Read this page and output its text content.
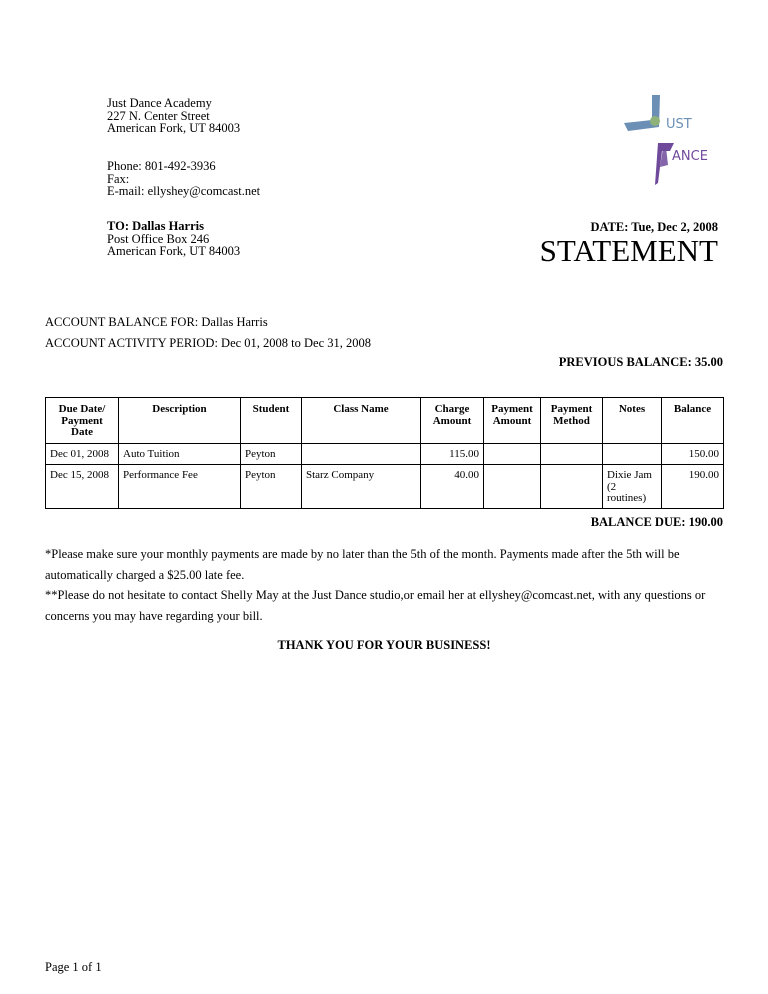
Just Dance Academy
227 N. Center Street
American Fork, UT 84003
Phone: 801-492-3936
Fax:
E-mail: ellyshey@comcast.net
UST
ANCE
TO: Dallas Harris
Post Office Box 246
American Fork, UT 84003
DATE: Tue, Dec 2, 2008
STATEMENT
ACCOUNT BALANCE FOR: Dallas Harris
ACCOUNT ACTIVITY PERIOD: Dec 01, 2008 to Dec 31, 2008
PREVIOUS BALANCE: 35.00
Due Date/ Payment Date	Description	Student	Class Name	Charge Amount	Payment Amount	Payment Method	Notes	Balance
Dec 01, 2008	Auto Tuition	Peyton		115.00				150.00
Dec 15, 2008	Performance Fee	Peyton	Starz Company	40.00			Dixie Jam (2 routines)	190.00
BALANCE DUE: 190.00
*Please make sure your monthly payments are made by no later than the 5th of the month. Payments made after the 5th will be automatically charged a $25.00 late fee.
**Please do not hesitate to contact Shelly May at the Just Dance studio,or email her at ellyshey@comcast.net, with any questions or concerns you may have regarding your bill.
THANK YOU FOR YOUR BUSINESS!
Page 1 of 1
